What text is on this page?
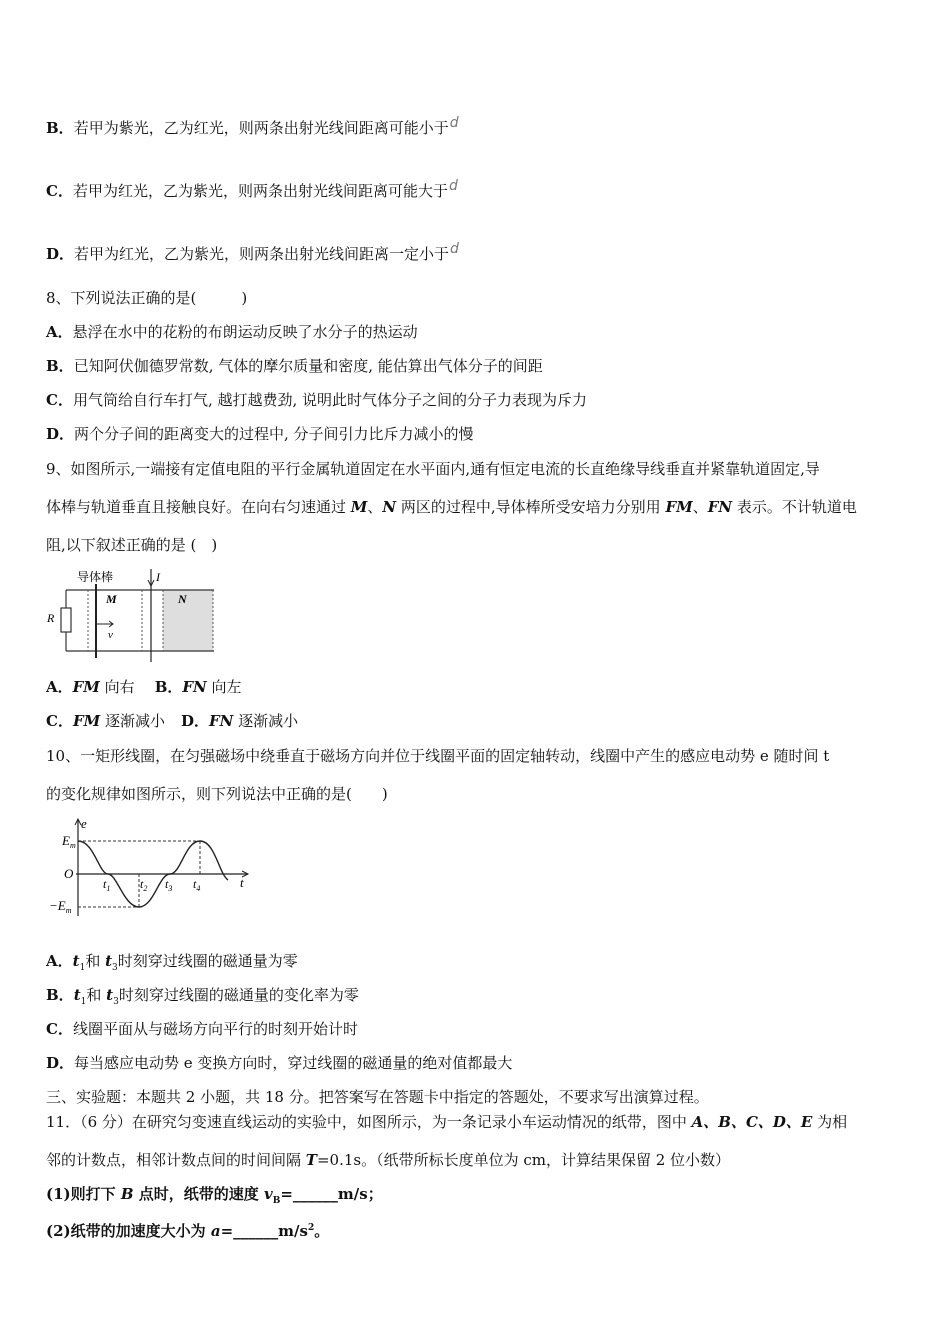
B．若甲为紫光，乙为红光，则两条出射光线间距离可能小于d
C．若甲为红光，乙为紫光，则两条出射光线间距离可能大于d
D．若甲为红光，乙为紫光，则两条出射光线间距离一定小于d
8、下列说法正确的是(　　　)
A．悬浮在水中的花粉的布朗运动反映了水分子的热运动
B．已知阿伏伽德罗常数, 气体的摩尔质量和密度, 能估算出气体分子的间距
C．用气筒给自行车打气, 越打越费劲, 说明此时气体分子之间的分子力表现为斥力
D．两个分子间的距离变大的过程中, 分子间引力比斥力减小的慢
9、如图所示,一端接有定值电阻的平行金属轨道固定在水平面内,通有恒定电流的长直绝缘导线垂直并紧靠轨道固定,导
体棒与轨道垂直且接触良好。在向右匀速通过 M、N 两区的过程中,导体棒所受安培力分别用 FM、FN 表示。不计轨道电
阻,以下叙述正确的是 (　)
导体棒	I
R
M	N
v
A．FM 向右 B．FN 向左
C．FM 逐渐减小 D．FN 逐渐减小
10、一矩形线圈，在匀强磁场中绕垂直于磁场方向并位于线圈平面的固定轴转动，线圈中产生的感应电动势 e 随时间 t
的变化规律如图所示，则下列说法中正确的是(　　)
e
t
$E_m$
O
$-E_m$
$t_1$ $t_2$ $t_3$ $t_4$
A．$t_1$和 $t_3$时刻穿过线圈的磁通量为零
B．$t_1$和 $t_3$时刻穿过线圈的磁通量的变化率为零
C．线圈平面从与磁场方向平行的时刻开始计时
D．每当感应电动势 e 变换方向时，穿过线圈的磁通量的绝对值都最大
三、实验题：本题共 2 小题，共 18 分。把答案写在答题卡中指定的答题处，不要求写出演算过程。
11．（6 分）在研究匀变速直线运动的实验中，如图所示，为一条记录小车运动情况的纸带，图中 A、B、C、D、E 为相
邻的计数点，相邻计数点间的时间间隔 T=0.1s。（纸带所标长度单位为 cm，计算结果保留 2 位小数）
(1)则打下 B 点时，纸带的速度 $v_B=\_\_\_\_\_\_m/s$；
(2)纸带的加速度大小为 $a=\_\_\_\_\_\_m/s^2$。
